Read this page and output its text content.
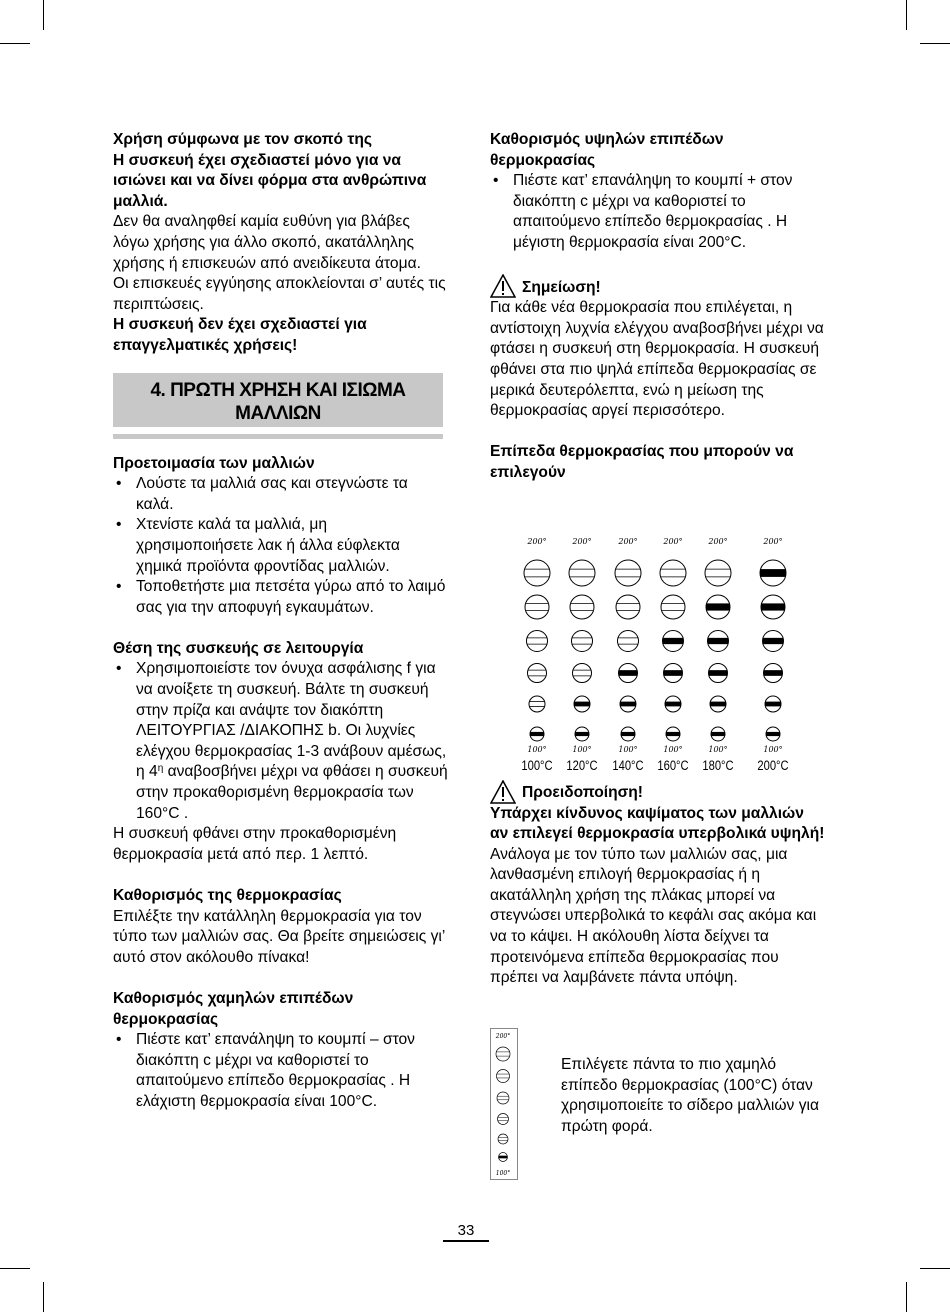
Χρήση σύμφωνα με τον σκοπό της

Η συσκευή έχει σχεδιαστεί μόνο για να ισιώνει και να δίνει φόρμα στα ανθρώπινα μαλλιά.

Δεν θα αναληφθεί καμία ευθύνη για βλάβες λόγω χρήσης για άλλο σκοπό, ακατάλληλης χρήσης ή επισκευών από ανειδίκευτα άτομα.

Οι επισκευές εγγύησης αποκλείονται σ’ αυτές τις περιπτώσεις.

Η συσκευή δεν έχει σχεδιαστεί για επαγγελματικές χρήσεις!

4. ΠΡΩΤΗ ΧΡΗΣΗ ΚΑΙ ΙΣΙΩΜΑ
ΜΑΛΛΙΩΝ

Προετοιμασία των μαλλιών

• Λούστε τα μαλλιά σας και στεγνώστε τα καλά.
• Χτενίστε καλά τα μαλλιά, μη χρησιμοποιήσετε λακ ή άλλα εύφλεκτα χημικά προϊόντα φροντίδας μαλλιών.
• Τοποθετήστε μια πετσέτα γύρω από το λαιμό σας για την αποφυγή εγκαυμάτων.

Θέση της συσκευής σε λειτουργία

• Χρησιμοποιείστε τον όνυχα ασφάλισης f για να ανοίξετε τη συσκευή. Βάλτε τη συσκευή στην πρίζα και ανάψτε τον διακόπτη ΛΕΙΤΟΥΡΓΙΑΣ /ΔΙΑΚΟΠΗΣ b. Οι λυχνίες ελέγχου θερμοκρασίας 1-3 ανάβουν αμέσως, η $4^\eta$ αναβοσβήνει μέχρι να φθάσει η συσκευή στην προκαθορισμένη θερμοκρασία των 160°C .

Η συσκευή φθάνει στην προκαθορισμένη θερμοκρασία μετά από περ. 1 λεπτό.

Καθορισμός της θερμοκρασίας

Επιλέξτε την κατάλληλη θερμοκρασία για τον τύπο των μαλλιών σας. Θα βρείτε σημειώσεις γι’ αυτό στον ακόλουθο πίνακα!

Καθορισμός χαμηλών επιπέδων θερμοκρασίας

• Πιέστε κατ’ επανάληψη το κουμπί – στον διακόπτη c μέχρι να καθοριστεί το απαιτούμενο επίπεδο θερμοκρασίας . Η ελάχιστη θερμοκρασία είναι 100°C.

Καθορισμός υψηλών επιπέδων θερμοκρασίας

• Πιέστε κατ’ επανάληψη το κουμπί + στον διακόπτη c μέχρι να καθοριστεί το απαιτούμενο επίπεδο θερμοκρασίας . Η μέγιστη θερμοκρασία είναι 200°C.
Σημείωση!

Για κάθε νέα θερμοκρασία που επιλέγεται, η αντίστοιχη λυχνία ελέγχου αναβοσβήνει μέχρι να φτάσει η συσκευή στη θερμοκρασία. Η συσκευή φθάνει στα πιο ψηλά επίπεδα θερμοκρασίας σε μερικά δευτερόλεπτα, ενώ η μείωση της θερμοκρασίας αργεί περισσότερο.

Επίπεδα θερμοκρασίας που μπορούν να επιλεγούν

200°
100°
100°C
200°
100°
120°C
200°
100°
140°C
200°
100°
160°C
200°
100°
180°C
200°
100°
200°C
Προειδοποίηση!

Υπάρχει κίνδυνος καψίματος των μαλλιών αν επιλεγεί θερμοκρασία υπερβολικά υψηλή!

Ανάλογα με τον τύπο των μαλλιών σας, μια λανθασμένη επιλογή θερμοκρασίας ή η ακατάλληλη χρήση της πλάκας μπορεί να στεγνώσει υπερβολικά το κεφάλι σας ακόμα και να το κάψει. Η ακόλουθη λίστα δείχνει τα προτεινόμενα επίπεδα θερμοκρασίας που πρέπει να λαμβάνετε πάντα υπόψη.

200°
100°
Επιλέγετε πάντα το πιο χαμηλό επίπεδο θερμοκρασίας (100°C) όταν χρησιμοποιείτε το σίδερο μαλλιών για πρώτη φορά.
33
